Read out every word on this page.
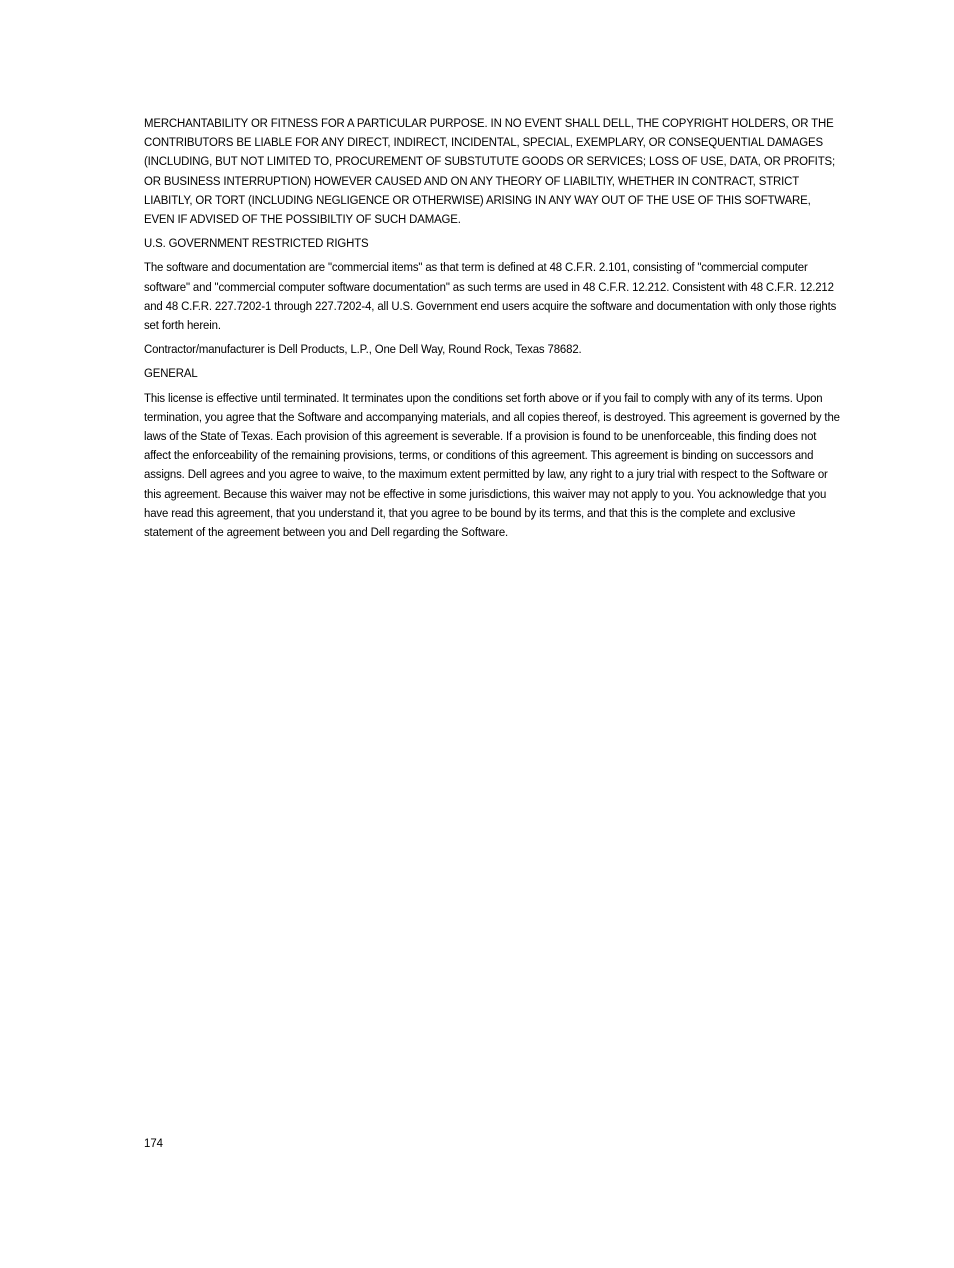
MERCHANTABILITY OR FITNESS FOR A PARTICULAR PURPOSE. IN NO EVENT SHALL DELL, THE COPYRIGHT HOLDERS, OR THE CONTRIBUTORS BE LIABLE FOR ANY DIRECT, INDIRECT, INCIDENTAL, SPECIAL, EXEMPLARY, OR CONSEQUENTIAL DAMAGES (INCLUDING, BUT NOT LIMITED TO, PROCUREMENT OF SUBSTUTUTE GOODS OR SERVICES; LOSS OF USE, DATA, OR PROFITS; OR BUSINESS INTERRUPTION) HOWEVER CAUSED AND ON ANY THEORY OF LIABILTIY, WHETHER IN CONTRACT, STRICT LIABITLY, OR TORT (INCLUDING NEGLIGENCE OR OTHERWISE) ARISING IN ANY WAY OUT OF THE USE OF THIS SOFTWARE, EVEN IF ADVISED OF THE POSSIBILTIY OF SUCH DAMAGE.

U.S. GOVERNMENT RESTRICTED RIGHTS

The software and documentation are "commercial items" as that term is defined at 48 C.F.R. 2.101, consisting of "commercial computer software" and "commercial computer software documentation" as such terms are used in 48 C.F.R. 12.212. Consistent with 48 C.F.R. 12.212 and 48 C.F.R. 227.7202-1 through 227.7202-4, all U.S. Government end users acquire the software and documentation with only those rights set forth herein.

Contractor/manufacturer is Dell Products, L.P., One Dell Way, Round Rock, Texas 78682.

GENERAL

This license is effective until terminated. It terminates upon the conditions set forth above or if you fail to comply with any of its terms. Upon termination, you agree that the Software and accompanying materials, and all copies thereof, is destroyed. This agreement is governed by the laws of the State of Texas. Each provision of this agreement is severable. If a provision is found to be unenforceable, this finding does not affect the enforceability of the remaining provisions, terms, or conditions of this agreement. This agreement is binding on successors and assigns. Dell agrees and you agree to waive, to the maximum extent permitted by law, any right to a jury trial with respect to the Software or this agreement. Because this waiver may not be effective in some jurisdictions, this waiver may not apply to you. You acknowledge that you have read this agreement, that you understand it, that you agree to be bound by its terms, and that this is the complete and exclusive statement of the agreement between you and Dell regarding the Software.

174
